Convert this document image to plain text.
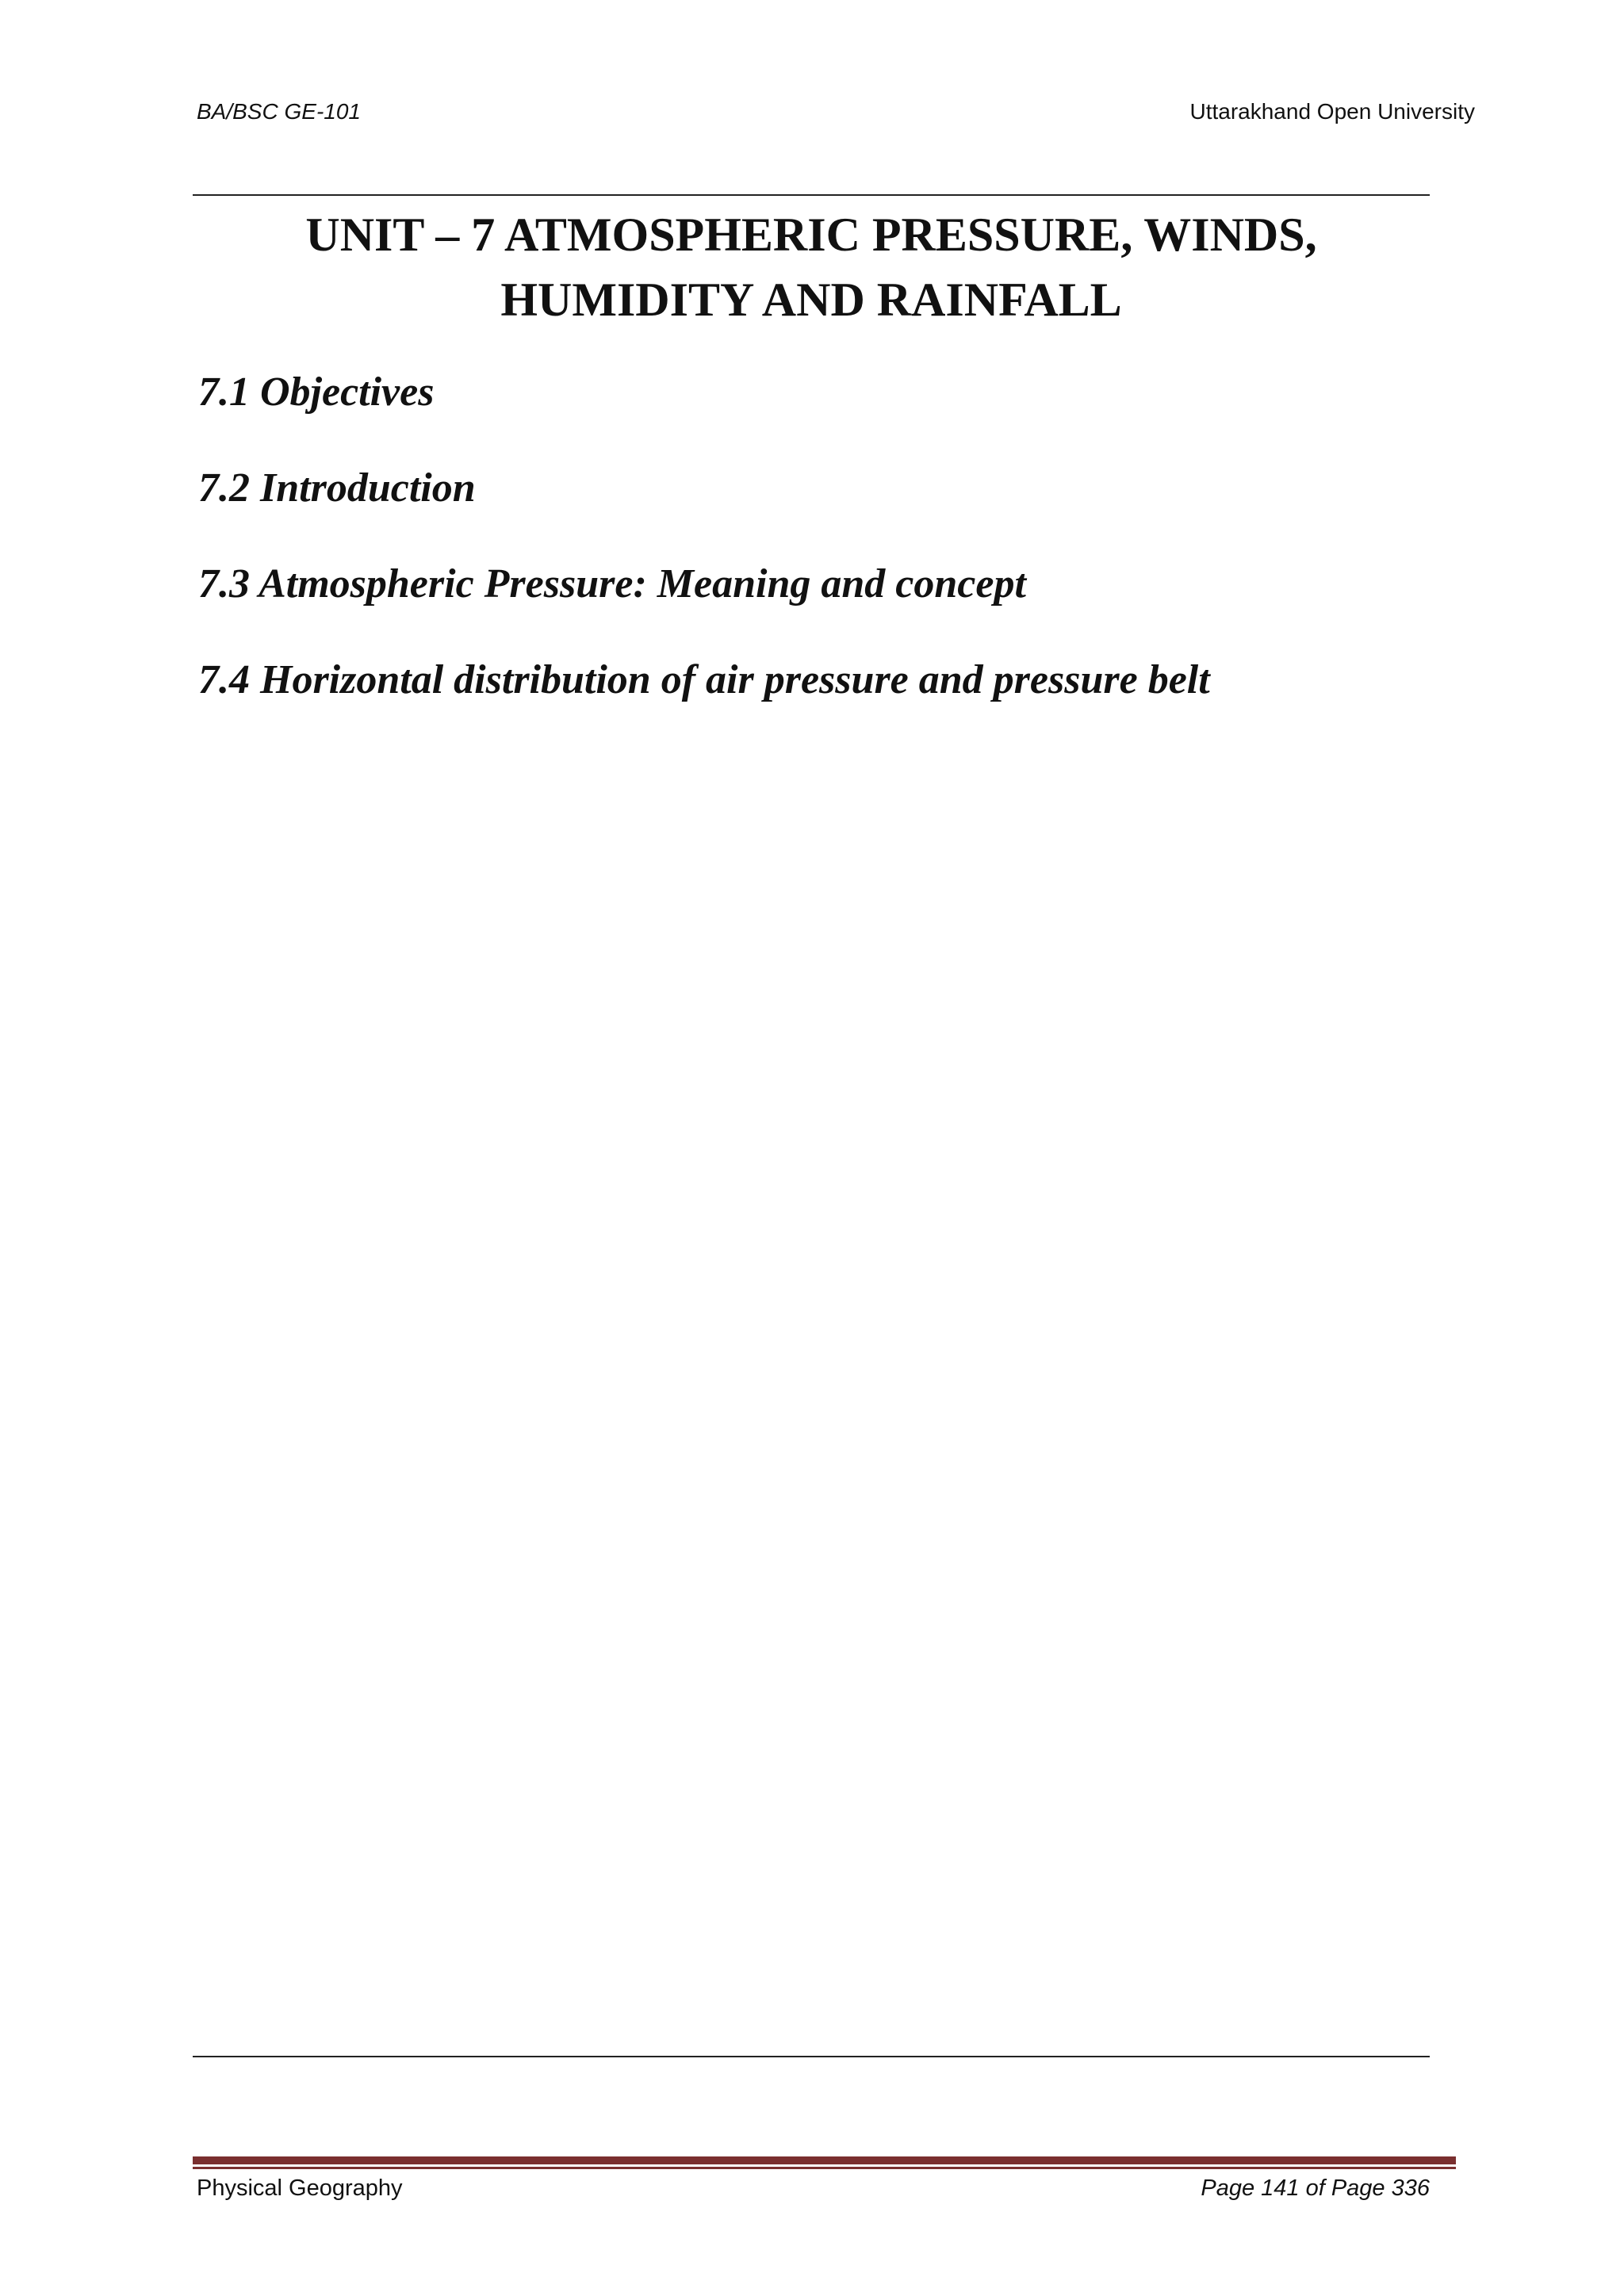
BA/BSC GE-101	Uttarakhand Open University
UNIT – 7 ATMOSPHERIC PRESSURE, WINDS,
HUMIDITY AND RAINFALL
7.1 Objectives
7.2 Introduction
7.3 Atmospheric Pressure: Meaning and concept
7.4 Horizontal distribution of air pressure and pressure belt
Physical Geography	Page 141 of Page 336
